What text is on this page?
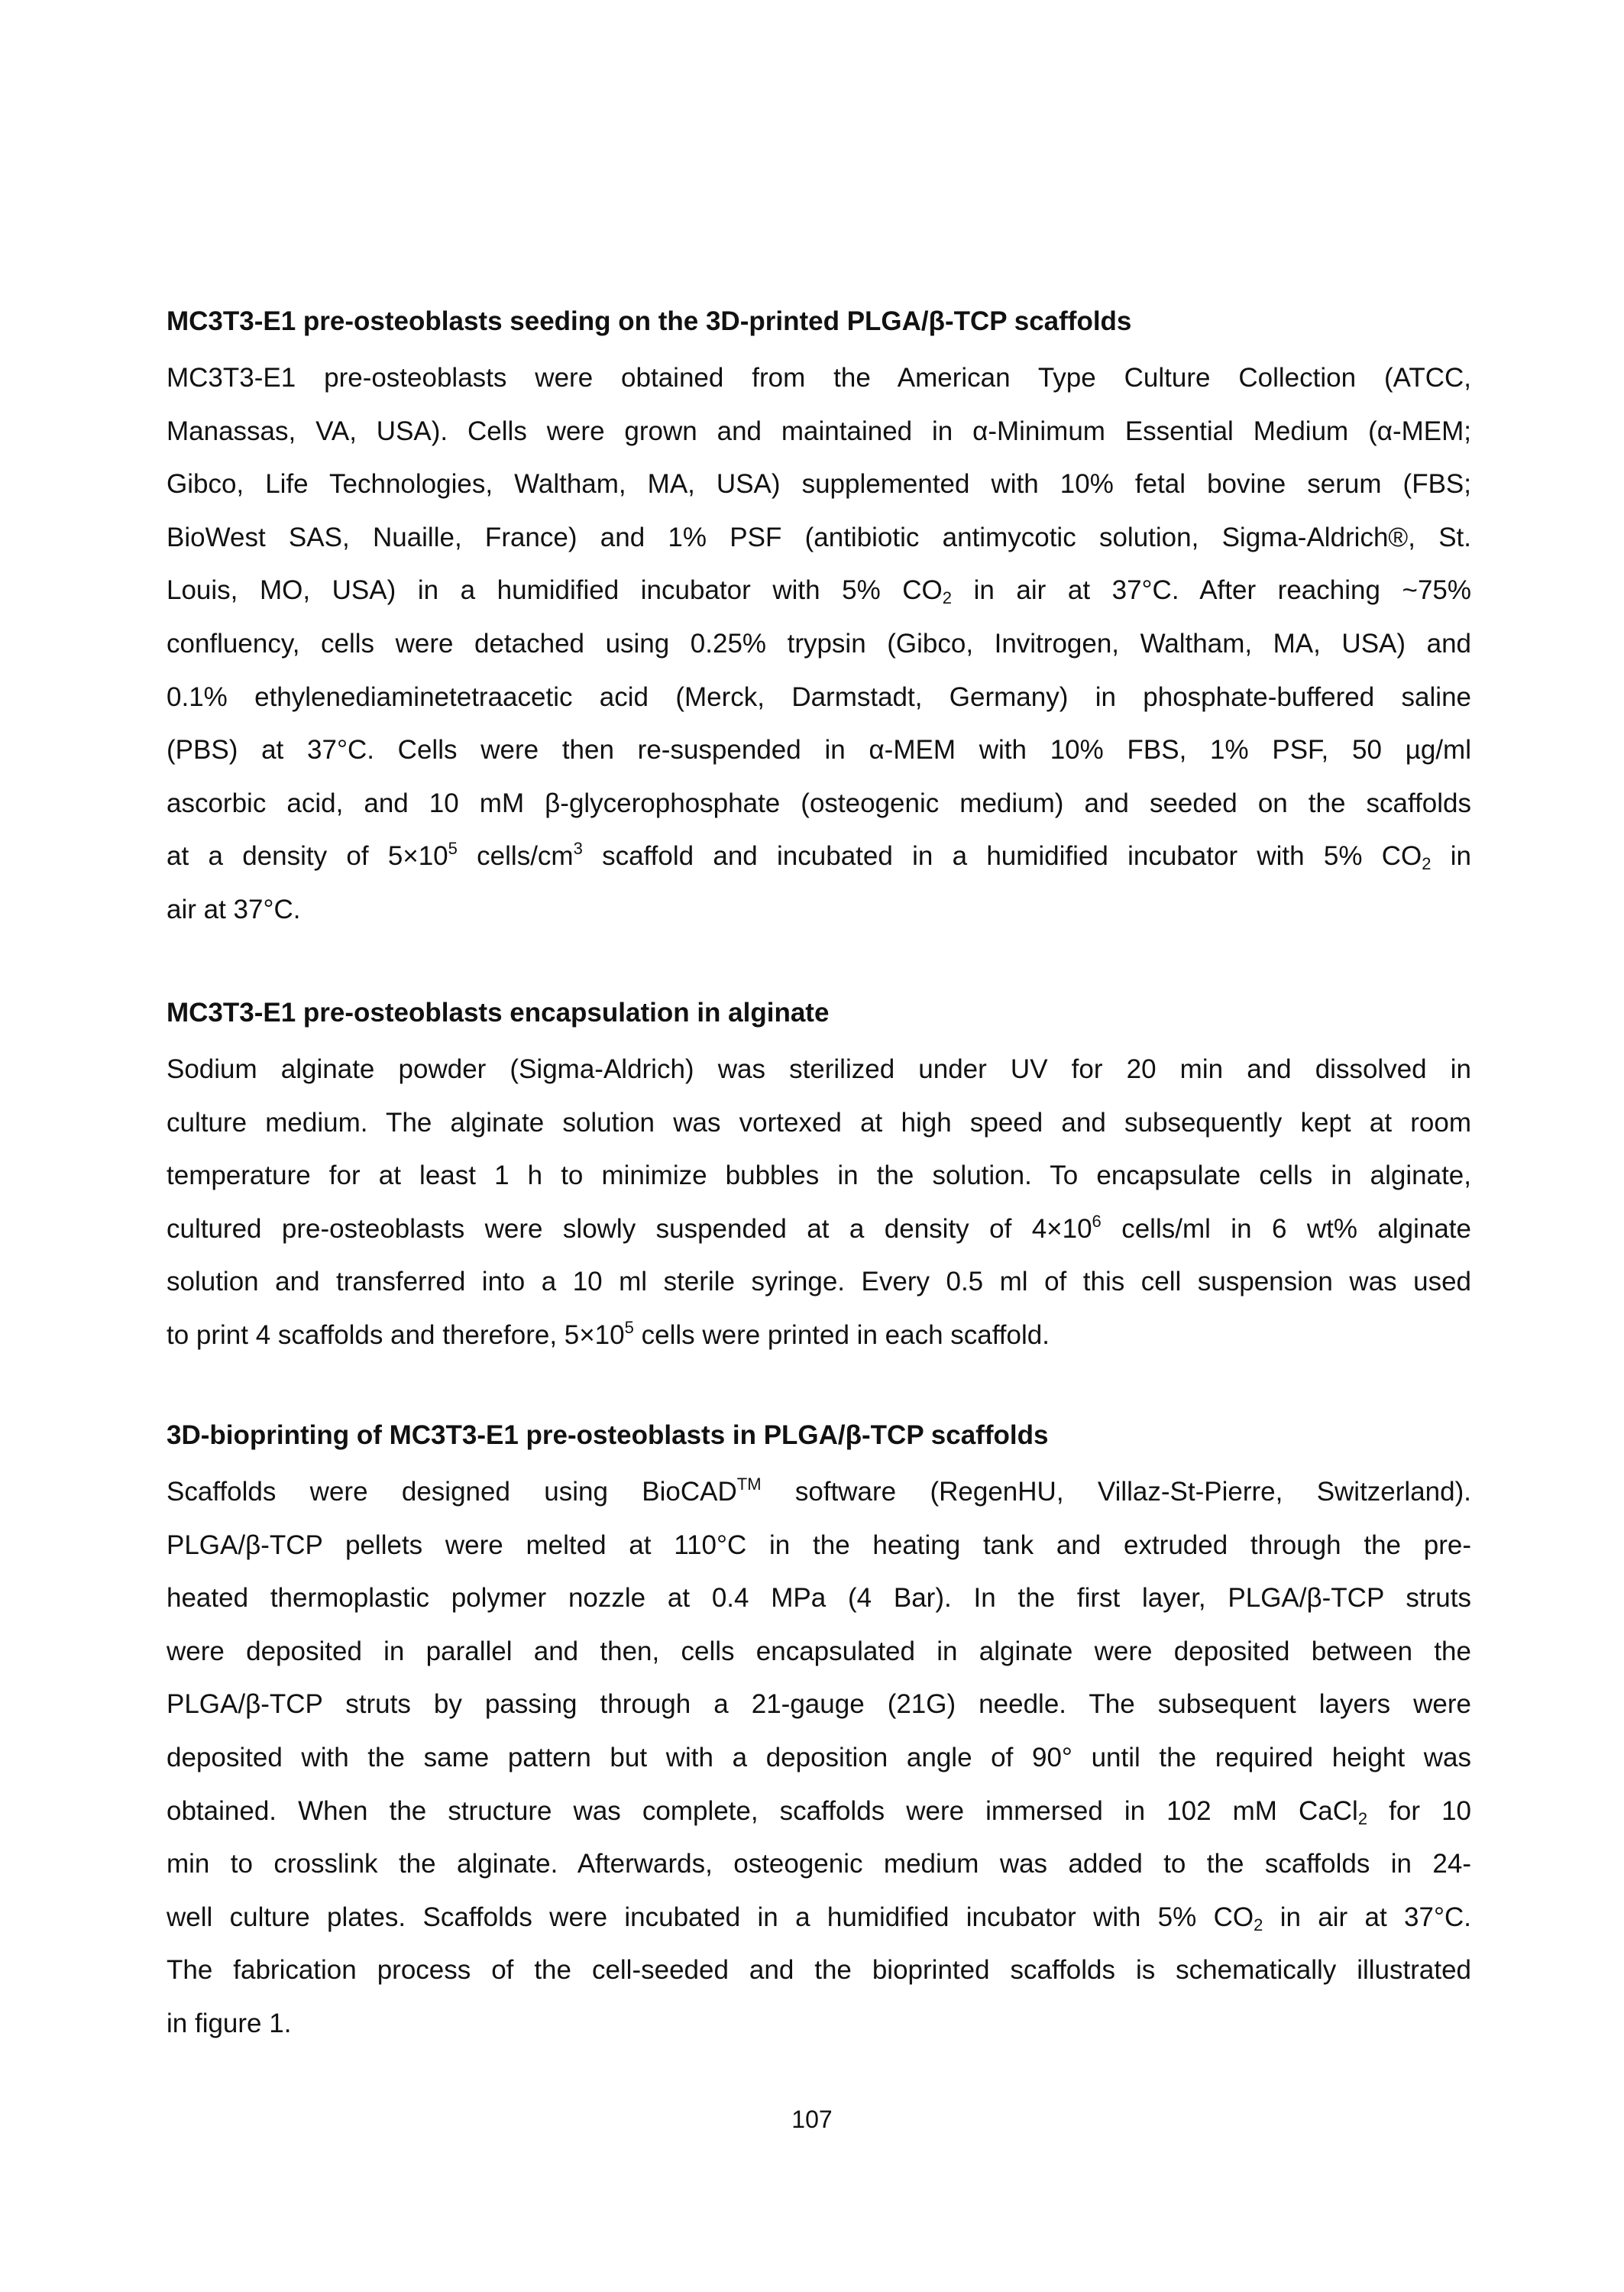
MC3T3-E1 pre-osteoblasts seeding on the 3D-printed PLGA/β-TCP scaffolds
MC3T3-E1 pre-osteoblasts were obtained from the American Type Culture Collection (ATCC,
Manassas, VA, USA). Cells were grown and maintained in α-Minimum Essential Medium (α-MEM;
Gibco, Life Technologies, Waltham, MA, USA) supplemented with 10% fetal bovine serum (FBS;
BioWest SAS, Nuaille, France) and 1% PSF (antibiotic antimycotic solution, Sigma-Aldrich®, St.
Louis, MO, USA) in a humidified incubator with 5% $CO_2$ in air at 37°C. After reaching ~75%
confluency, cells were detached using 0.25% trypsin (Gibco, Invitrogen, Waltham, MA, USA) and
0.1% ethylenediaminetetraacetic acid (Merck, Darmstadt, Germany) in phosphate-buffered saline
(PBS) at 37°C. Cells were then re-suspended in α-MEM with 10% FBS, 1% PSF, 50 µg/ml
ascorbic acid, and 10 mM β-glycerophosphate (osteogenic medium) and seeded on the scaffolds
at a density of $5\times 10^5$ cells/$cm^3$ scaffold and incubated in a humidified incubator with 5% $CO_2$ in
air at 37°C.
MC3T3-E1 pre-osteoblasts encapsulation in alginate
Sodium alginate powder (Sigma-Aldrich) was sterilized under UV for 20 min and dissolved in
culture medium. The alginate solution was vortexed at high speed and subsequently kept at room
temperature for at least 1 h to minimize bubbles in the solution. To encapsulate cells in alginate,
cultured pre-osteoblasts were slowly suspended at a density of $4\times 10^6$ cells/ml in 6 wt% alginate
solution and transferred into a 10 ml sterile syringe. Every 0.5 ml of this cell suspension was used
to print 4 scaffolds and therefore, $5\times 10^5$ cells were printed in each scaffold.
3D-bioprinting of MC3T3-E1 pre-osteoblasts in PLGA/β-TCP scaffolds
Scaffolds were designed using BioCAD™ software (RegenHU, Villaz-St-Pierre, Switzerland).
PLGA/β-TCP pellets were melted at 110°C in the heating tank and extruded through the pre-
heated thermoplastic polymer nozzle at 0.4 MPa (4 Bar). In the first layer, PLGA/β-TCP struts
were deposited in parallel and then, cells encapsulated in alginate were deposited between the
PLGA/β-TCP struts by passing through a 21-gauge (21G) needle. The subsequent layers were
deposited with the same pattern but with a deposition angle of 90° until the required height was
obtained. When the structure was complete, scaffolds were immersed in 102 mM CaCl$_2$ for 10
min to crosslink the alginate. Afterwards, osteogenic medium was added to the scaffolds in 24-
well culture plates. Scaffolds were incubated in a humidified incubator with 5% $CO_2$ in air at 37°C.
The fabrication process of the cell-seeded and the bioprinted scaffolds is schematically illustrated
in figure 1.
107
